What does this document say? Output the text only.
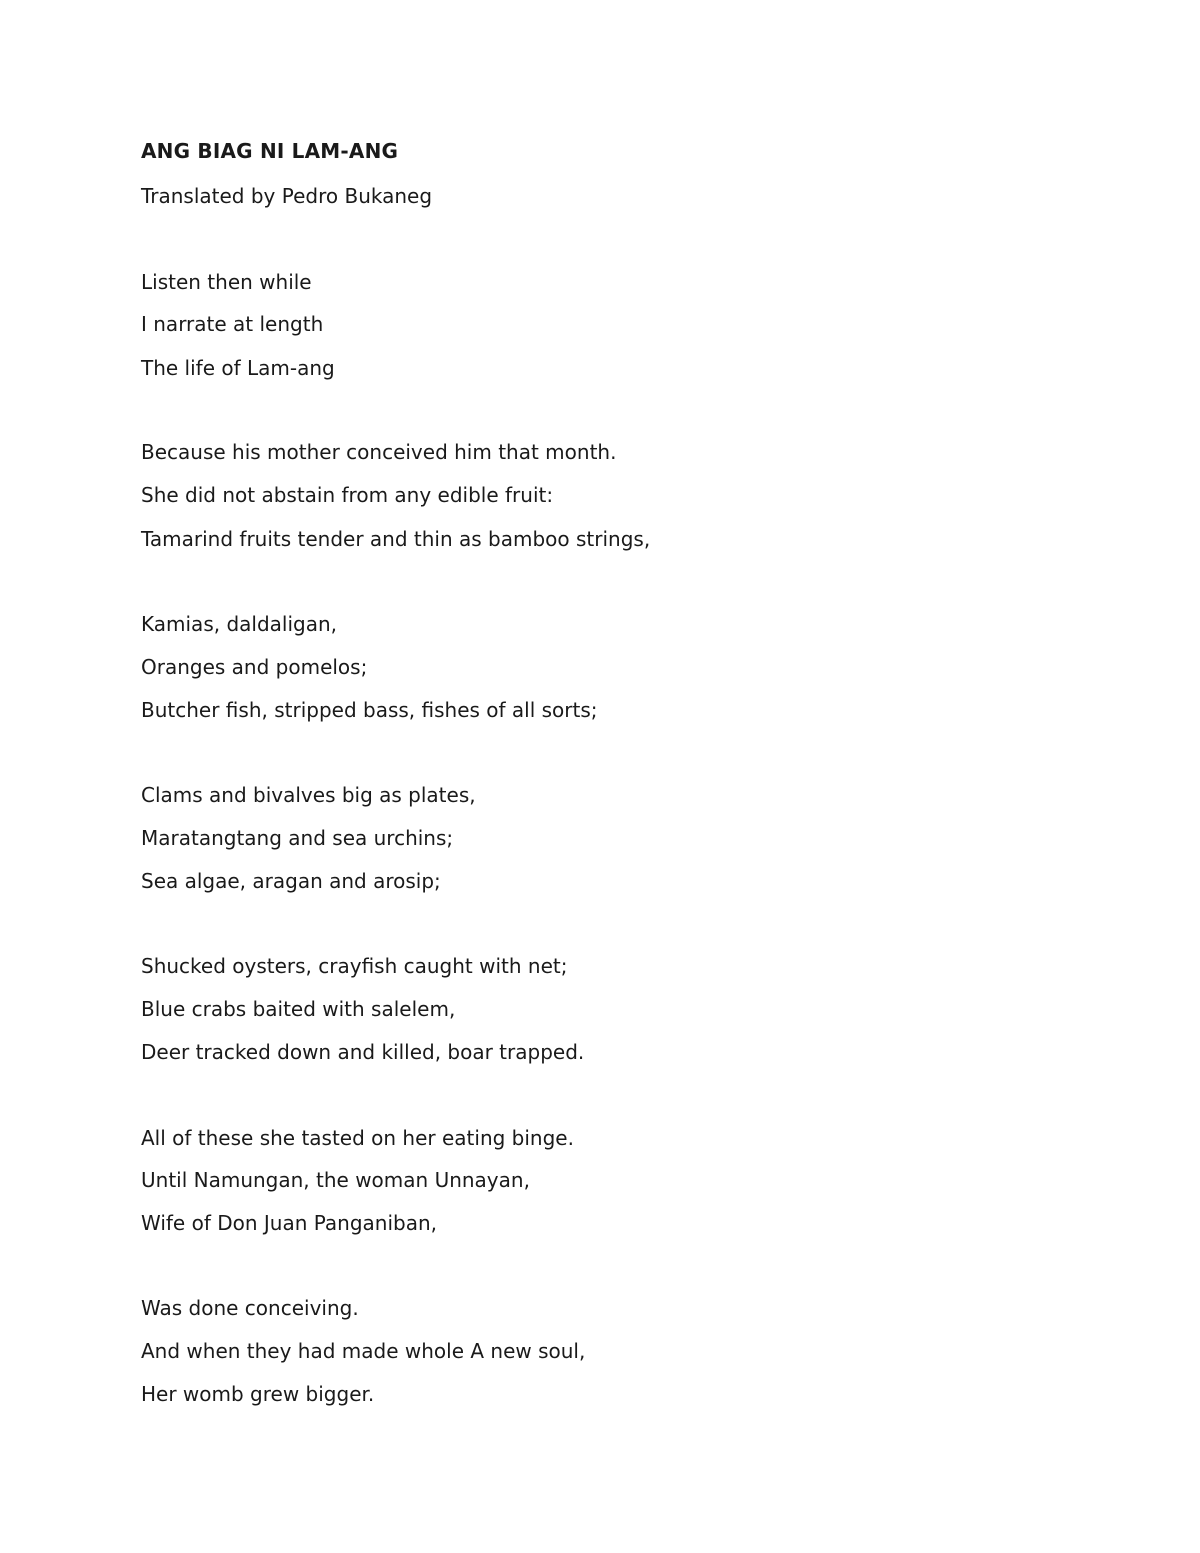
ANG BIAG NI LAM-ANG
Translated by Pedro Bukaneg
Listen then while
I narrate at length
The life of Lam-ang
Because his mother conceived him that month.
She did not abstain from any edible fruit:
Tamarind fruits tender and thin as bamboo strings,
Kamias, daldaligan,
Oranges and pomelos;
Butcher fish, stripped bass, fishes of all sorts;
Clams and bivalves big as plates,
Maratangtang and sea urchins;
Sea algae, aragan and arosip;
Shucked oysters, crayfish caught with net;
Blue crabs baited with salelem,
Deer tracked down and killed, boar trapped.
All of these she tasted on her eating binge.
Until Namungan, the woman Unnayan,
Wife of Don Juan Panganiban,
Was done conceiving.
And when they had made whole A new soul,
Her womb grew bigger.
